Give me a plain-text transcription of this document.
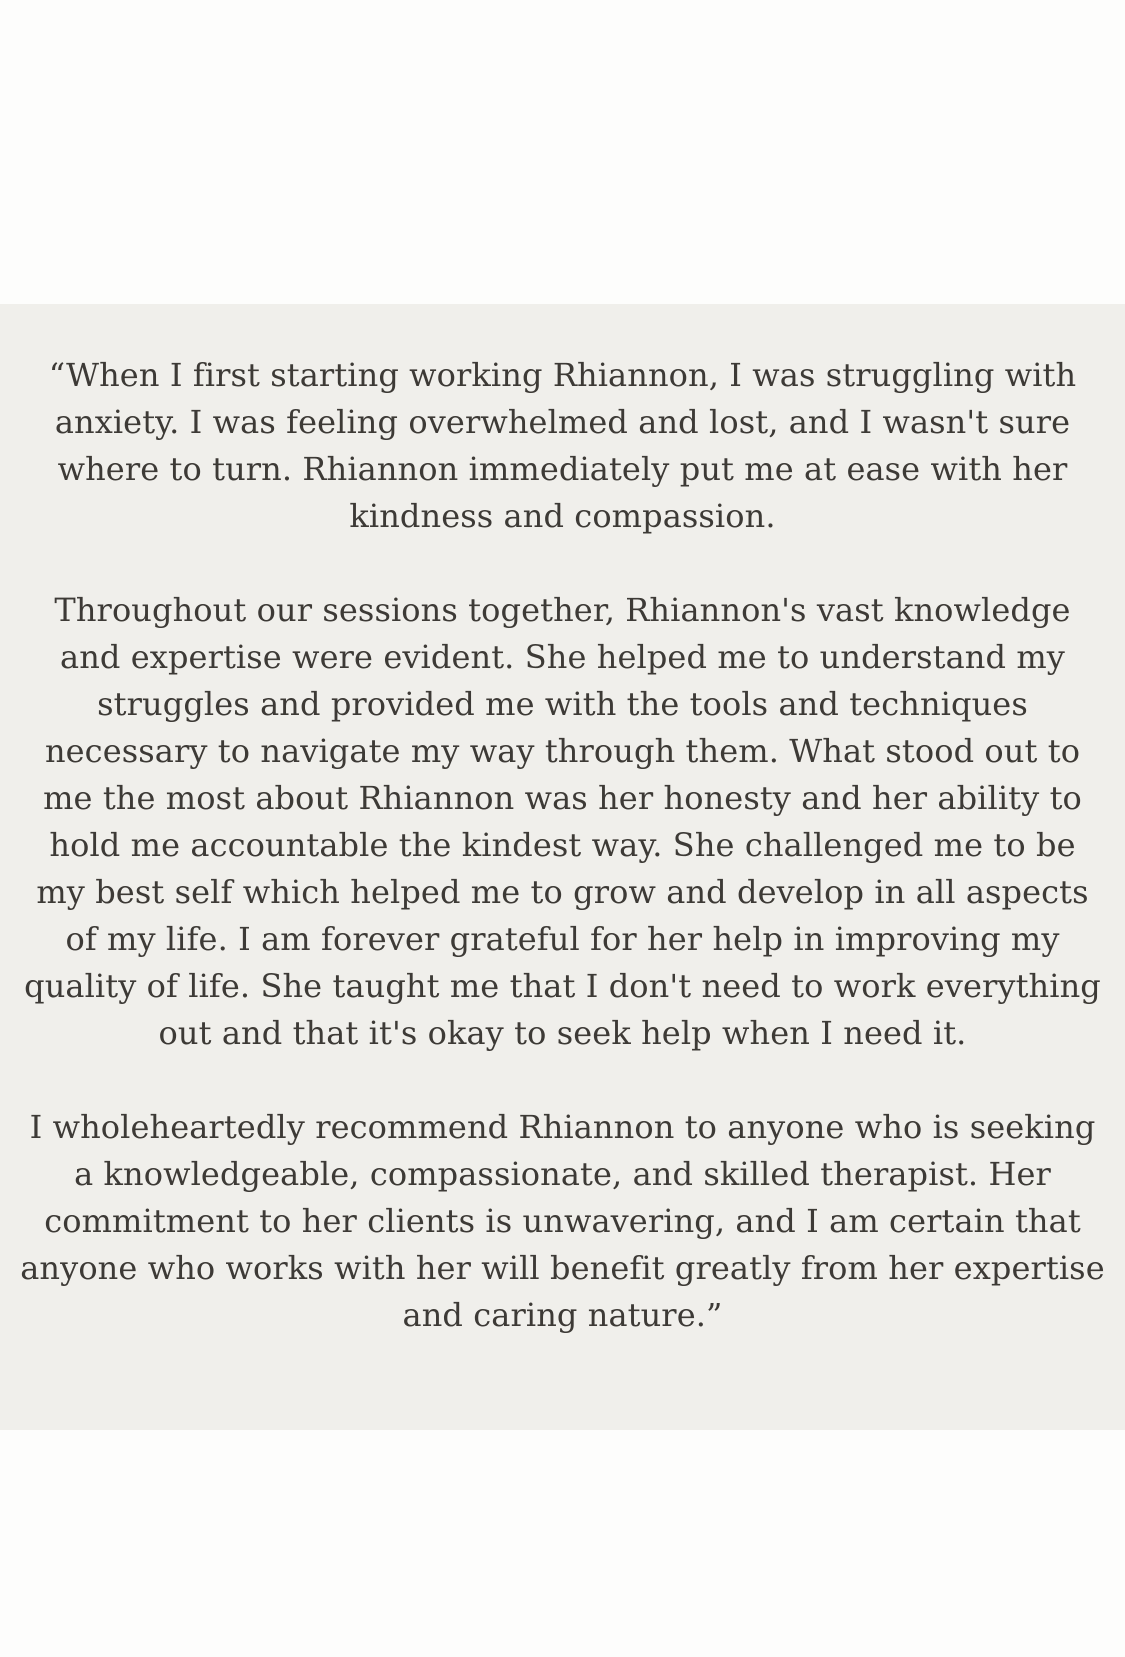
“When I first starting working Rhiannon, I was struggling with anxiety. I was feeling overwhelmed and lost, and I wasn't sure where to turn. Rhiannon immediately put me at ease with her kindness and compassion.

Throughout our sessions together, Rhiannon's vast knowledge and expertise were evident. She helped me to understand my struggles and provided me with the tools and techniques necessary to navigate my way through them. What stood out to me the most about Rhiannon was her honesty and her ability to hold me accountable the kindest way. She challenged me to be my best self which helped me to grow and develop in all aspects of my life. I am forever grateful for her help in improving my quality of life. She taught me that I don't need to work everything out and that it's okay to seek help when I need it.

I wholeheartedly recommend Rhiannon to anyone who is seeking a knowledgeable, compassionate, and skilled therapist. Her commitment to her clients is unwavering, and I am certain that anyone who works with her will benefit greatly from her expertise and caring nature.”
